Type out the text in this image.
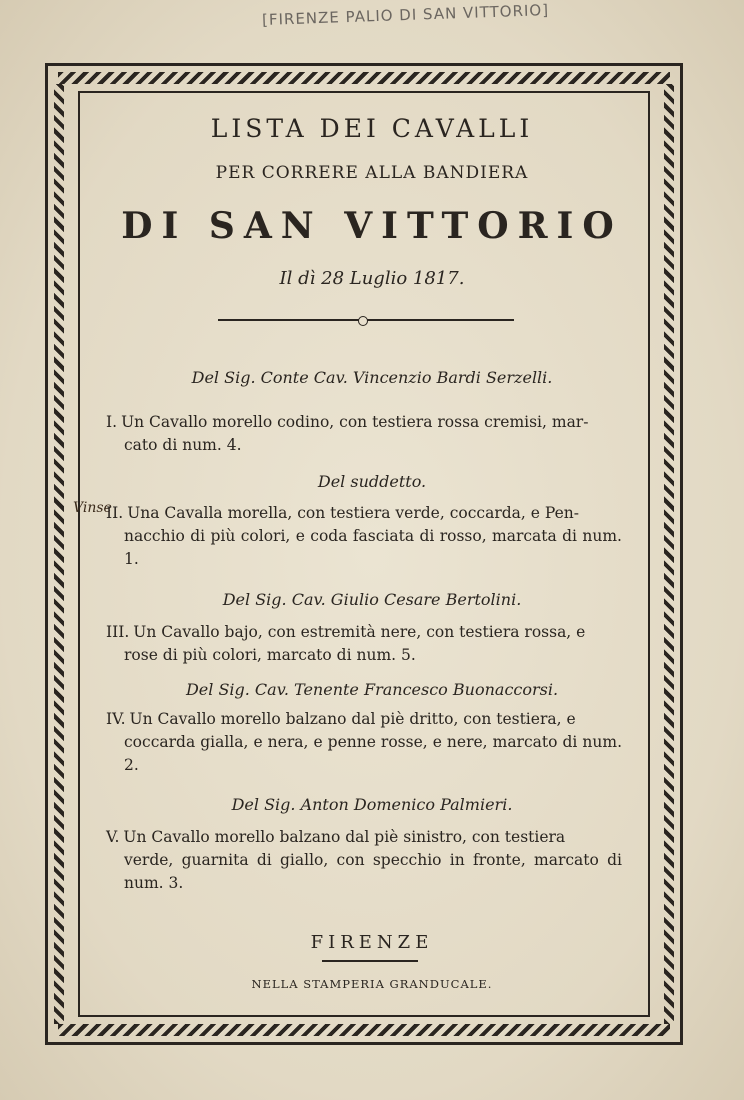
[FIRENZE PALIO DI SAN VITTORIO]
LISTA DEI CAVALLI
PER CORRERE ALLA BANDIERA
DI SAN VITTORIO
Il dì 28 Luglio 1817.
Vinse
Del Sig. Conte Cav. Vincenzio Bardi Serzelli.
I. Un Cavallo morello codino, con testiera rossa cremisi, mar-
cato di num. 4.
Del suddetto.
II. Una Cavalla morella, con testiera verde, coccarda, e Pen-
nacchio di più colori, e coda fasciata di rosso, marcata di num. 1.
Del Sig. Cav. Giulio Cesare Bertolini.
III. Un Cavallo bajo, con estremità nere, con testiera rossa, e
rose di più colori, marcato di num. 5.
Del Sig. Cav. Tenente Francesco Buonaccorsi.
IV. Un Cavallo morello balzano dal piè dritto, con testiera, e
coccarda gialla, e nera, e penne rosse, e nere, marcato di num. 2.
Del Sig. Anton Domenico Palmieri.
V. Un Cavallo morello balzano dal piè sinistro, con testiera
verde, guarnita di giallo, con specchio in fronte, marcato di num. 3.
FIRENZE
NELLA STAMPERIA GRANDUCALE.
